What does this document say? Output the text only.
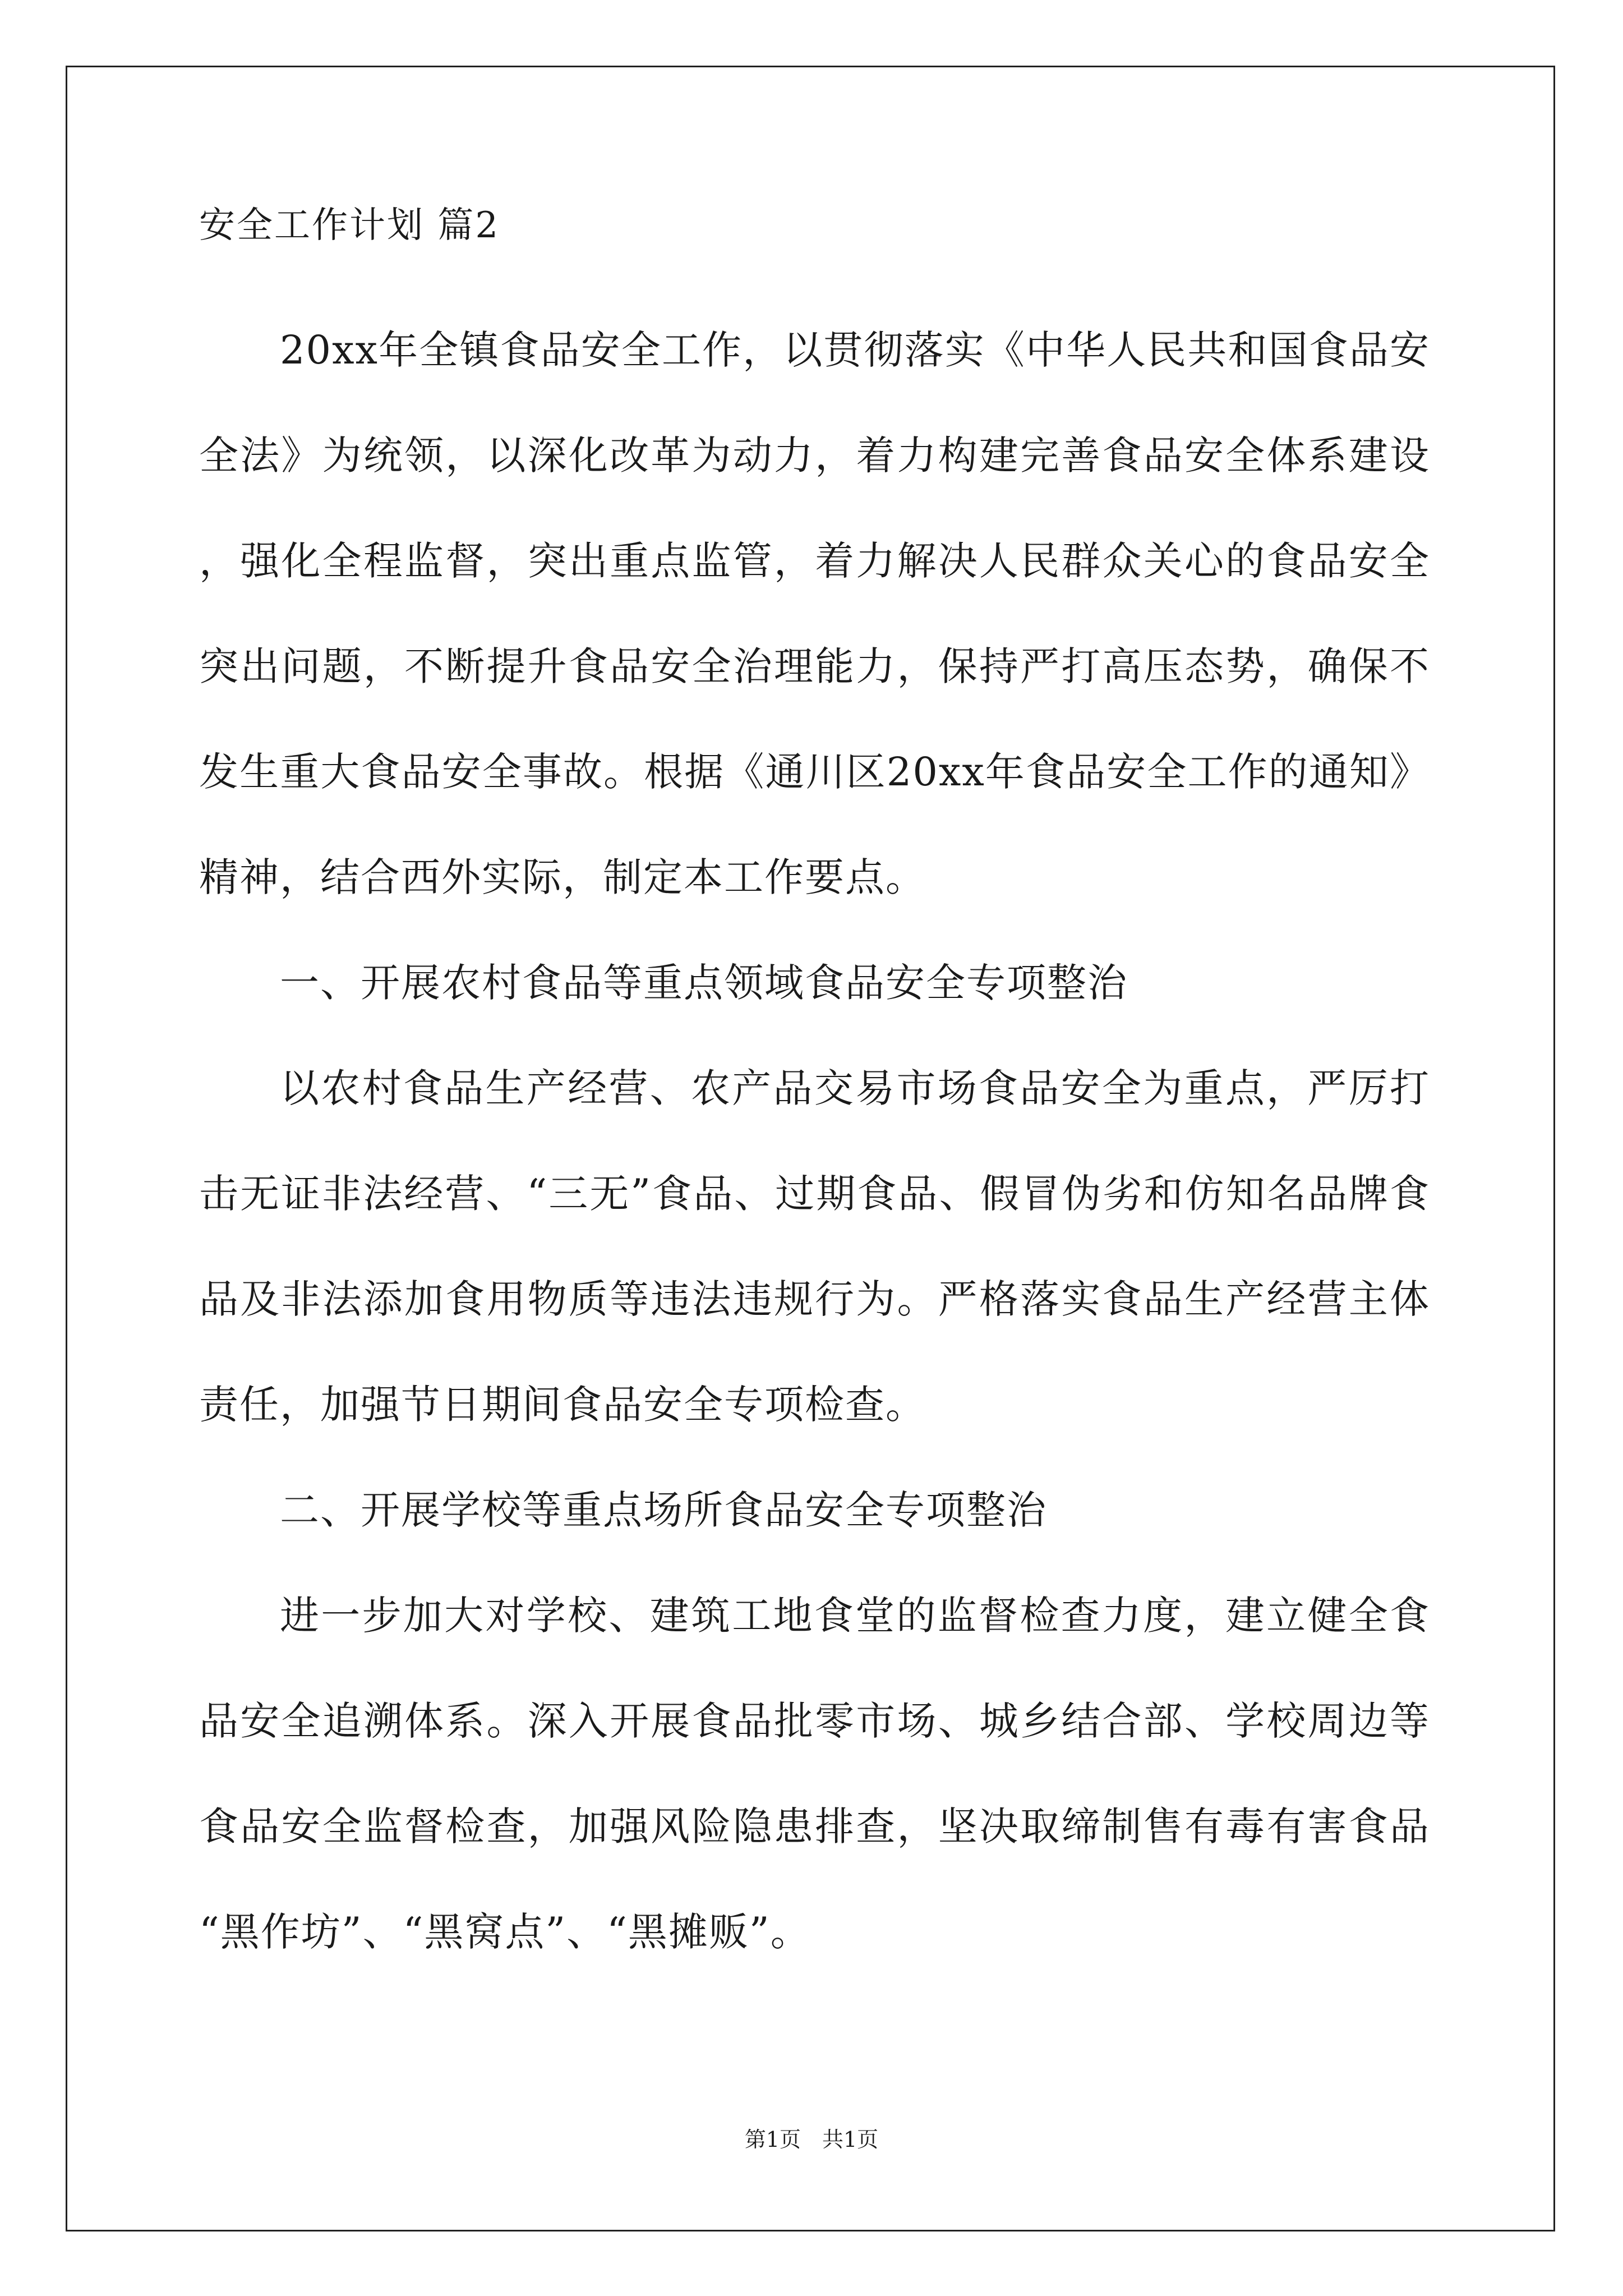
安全工作计划 篇2

20xx年全镇食品安全工作，以贯彻落实《中华人民共和国食品安全法》为统领，以深化改革为动力，着力构建完善食品安全体系建设，强化全程监督，突出重点监管，着力解决人民群众关心的食品安全突出问题，不断提升食品安全治理能力，保持严打高压态势，确保不发生重大食品安全事故。根据《通川区20xx年食品安全工作的通知》精神，结合西外实际，制定本工作要点。

一、开展农村食品等重点领域食品安全专项整治

以农村食品生产经营、农产品交易市场食品安全为重点，严厉打击无证非法经营、“三无”食品、过期食品、假冒伪劣和仿知名品牌食品及非法添加食用物质等违法违规行为。严格落实食品生产经营主体责任，加强节日期间食品安全专项检查。

二、开展学校等重点场所食品安全专项整治

进一步加大对学校、建筑工地食堂的监督检查力度，建立健全食品安全追溯体系。深入开展食品批零市场、城乡结合部、学校周边等食品安全监督检查，加强风险隐患排查，坚决取缔制售有毒有害食品“黑作坊”、“黑窝点”、“黑摊贩”。

第1页　共1页
